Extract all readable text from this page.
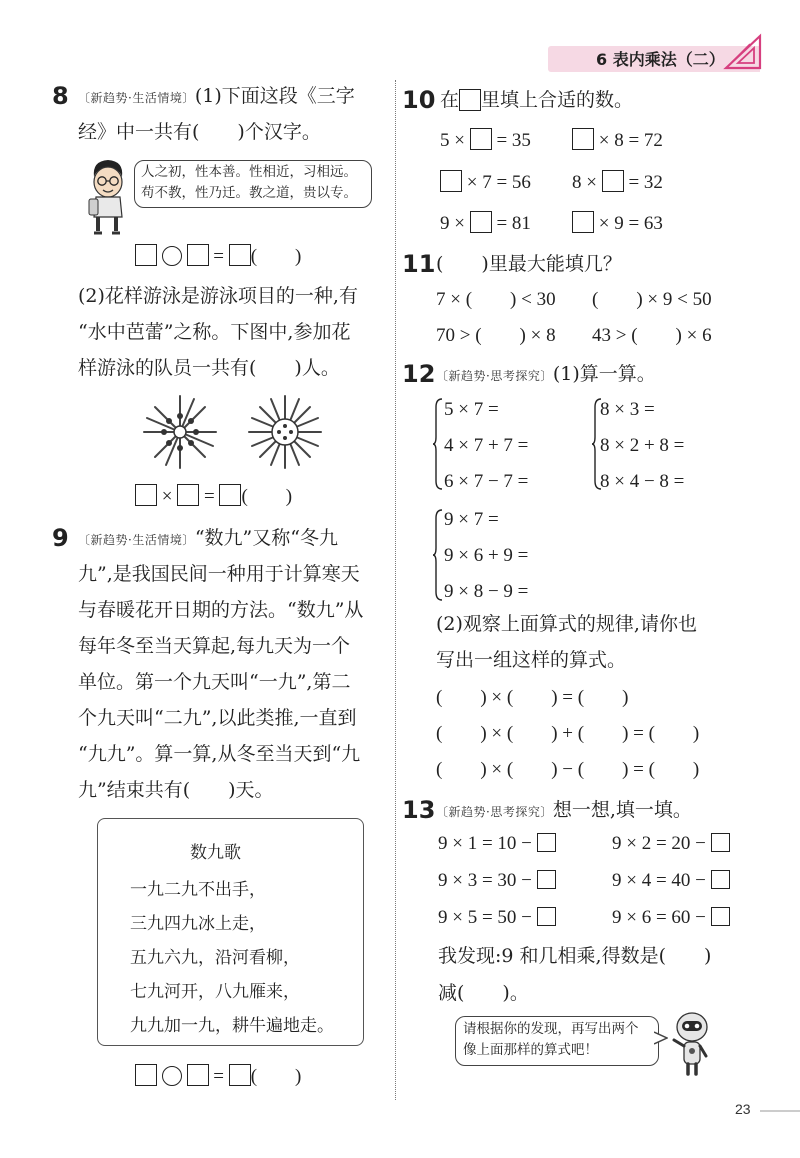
6 表内乘法（二）
8 〔新趋势·生活情境〕(1)下面这段《三字
经》中一共有(　　)个汉字。
人之初，性本善。性相近，习相远。
苟不教，性乃迁。教之道，贵以专。
= (　　)
(2)花样游泳是游泳项目的一种,有
“水中芭蕾”之称。下图中,参加花
样游泳的队员一共有(　　)人。
× = (　　)
9 〔新趋势·生活情境〕“数九”又称“冬九
九”,是我国民间一种用于计算寒天
与春暖花开日期的方法。“数九”从
每年冬至当天算起,每九天为一个
单位。第一个九天叫“一九”,第二
个九天叫“二九”,以此类推,一直到
“九九”。算一算,从冬至当天到“九
九”结束共有(　　)天。
数九歌
一九二九不出手，
三九四九冰上走，
五九六九，沿河看柳，
七九河开，八九雁来，
九九加一九，耕牛遍地走。
= (　　)
10 在 里填上合适的数。
5 × = 35	× 8 = 72
× 7 = 56 8 × = 32
9 × = 81	× 9 = 63
11 (　　)里最大能填几？
7 × (　　) < 30 (　　) × 9 < 50
70 > (　　) × 8 43 > (　　) × 6
12 〔新趋势·思考探究〕(1)算一算。
5 × 7 =
4 × 7 + 7 =
6 × 7 − 7 =
8 × 3 =
8 × 2 + 8 =
8 × 4 − 8 =
9 × 7 =
9 × 6 + 9 =
9 × 8 − 9 =
(2)观察上面算式的规律,请你也
写出一组这样的算式。
(　　) × (　　) = (　　)
(　　) × (　　) + (　　) = (　　)
(　　) × (　　) − (　　) = (　　)
13 〔新趋势·思考探究〕想一想,填一填。
9 × 1 = 10 −	9 × 2 = 20 −
9 × 3 = 30 −	9 × 4 = 40 −
9 × 5 = 50 −	9 × 6 = 60 −
我发现:9 和几相乘,得数是(　　)
减(　　)。
请根据你的发现，再写出两个
像上面那样的算式吧！
23
